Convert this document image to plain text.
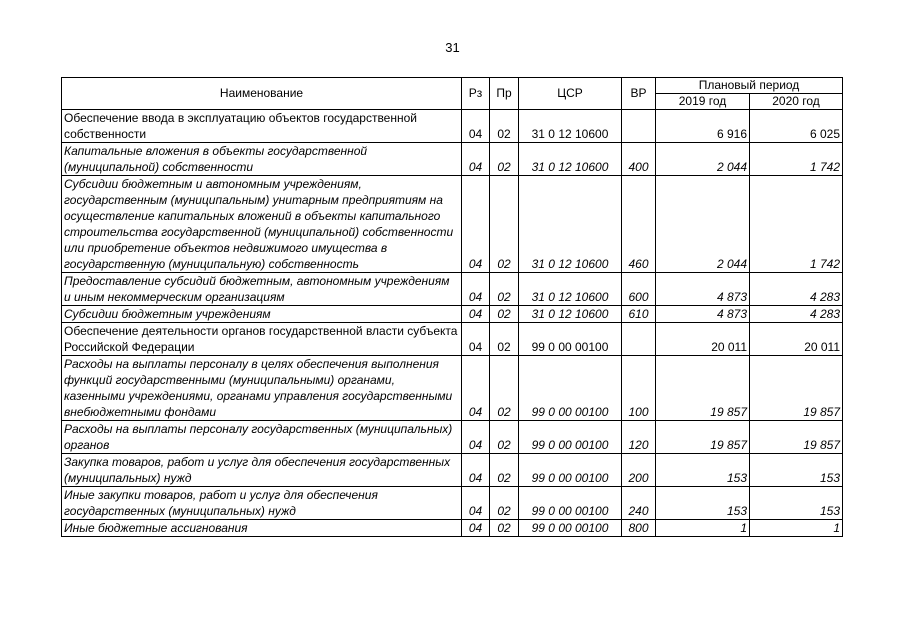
31
Наименование	Рз	Пр	ЦСР	ВР	Плановый период	
					2019 год	2020 год
Обеспечение ввода в эксплуатацию объектов государственной собственности	04	02	31 0 12 10600		6 916	6 025
Капитальные вложения в объекты государственной (муниципальной) собственности	04	02	31 0 12 10600	400	2 044	1 742
Субсидии бюджетным и автономным учреждениям, государственным (муниципальным) унитарным предприятиям на осуществление капитальных вложений в объекты капитального строительства государственной (муниципальной) собственности или приобретение объектов недвижимого имущества в государственную (муниципальную) собственность	04	02	31 0 12 10600	460	2 044	1 742
Предоставление субсидий бюджетным, автономным учреждениям и иным некоммерческим организациям	04	02	31 0 12 10600	600	4 873	4 283
Субсидии бюджетным учреждениям	04	02	31 0 12 10600	610	4 873	4 283
Обеспечение деятельности органов государственной власти субъекта Российской Федерации	04	02	99 0 00 00100		20 011	20 011
Расходы на выплаты персоналу в целях обеспечения выполнения функций государственными (муниципальными) органами, казенными учреждениями, органами управления государственными внебюджетными фондами	04	02	99 0 00 00100	100	19 857	19 857
Расходы на выплаты персоналу государственных (муниципальных) органов	04	02	99 0 00 00100	120	19 857	19 857
Закупка товаров, работ и услуг для обеспечения государственных (муниципальных) нужд	04	02	99 0 00 00100	200	153	153
Иные закупки товаров, работ и услуг для обеспечения государственных (муниципальных) нужд	04	02	99 0 00 00100	240	153	153
Иные бюджетные ассигнования	04	02	99 0 00 00100	800	1	1
